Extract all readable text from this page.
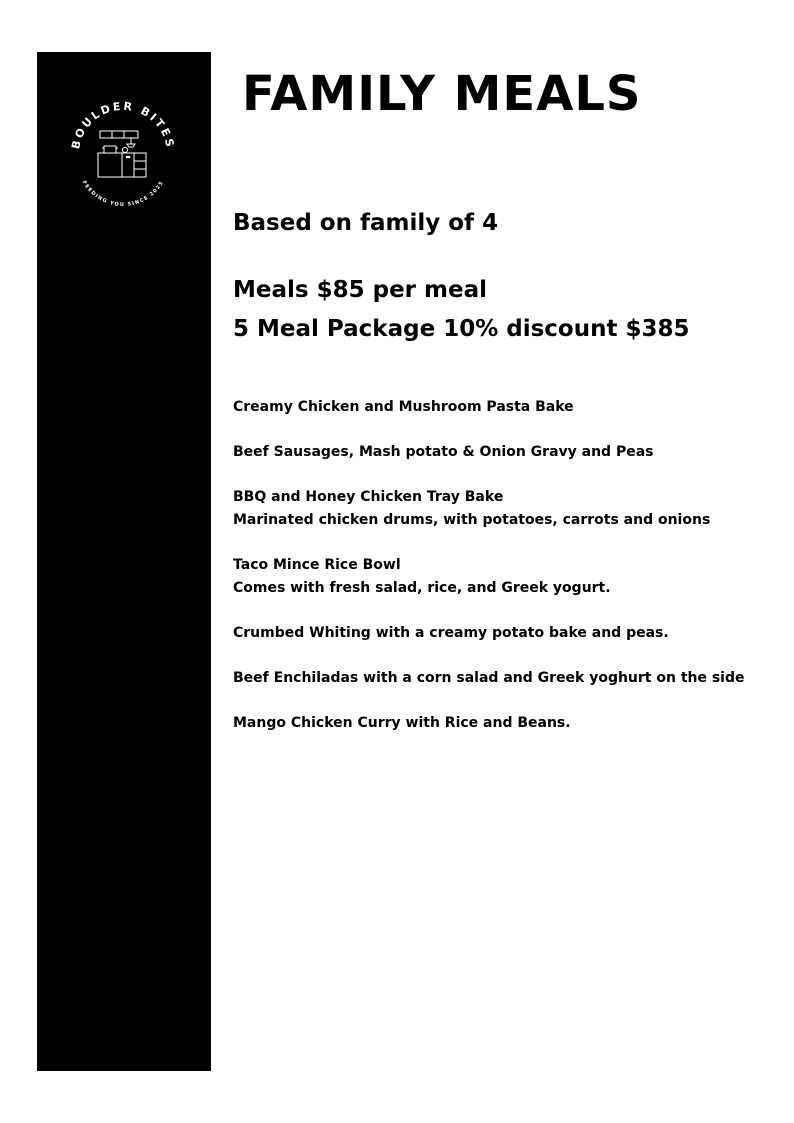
BOULDER BITES
FEEDING YOU SINCE 2025
FAMILY MEALS

Based on family of 4

Meals $85 per meal

5 Meal Package 10% discount $385

Creamy Chicken and Mushroom Pasta Bake
Beef Sausages, Mash potato & Onion Gravy and Peas
BBQ and Honey Chicken Tray Bake
Marinated chicken drums, with potatoes, carrots and onions
Taco Mince Rice Bowl
Comes with fresh salad, rice, and Greek yogurt.
Crumbed Whiting with a creamy potato bake and peas.
Beef Enchiladas with a corn salad and Greek yoghurt on the side
Mango Chicken Curry with Rice and Beans.
